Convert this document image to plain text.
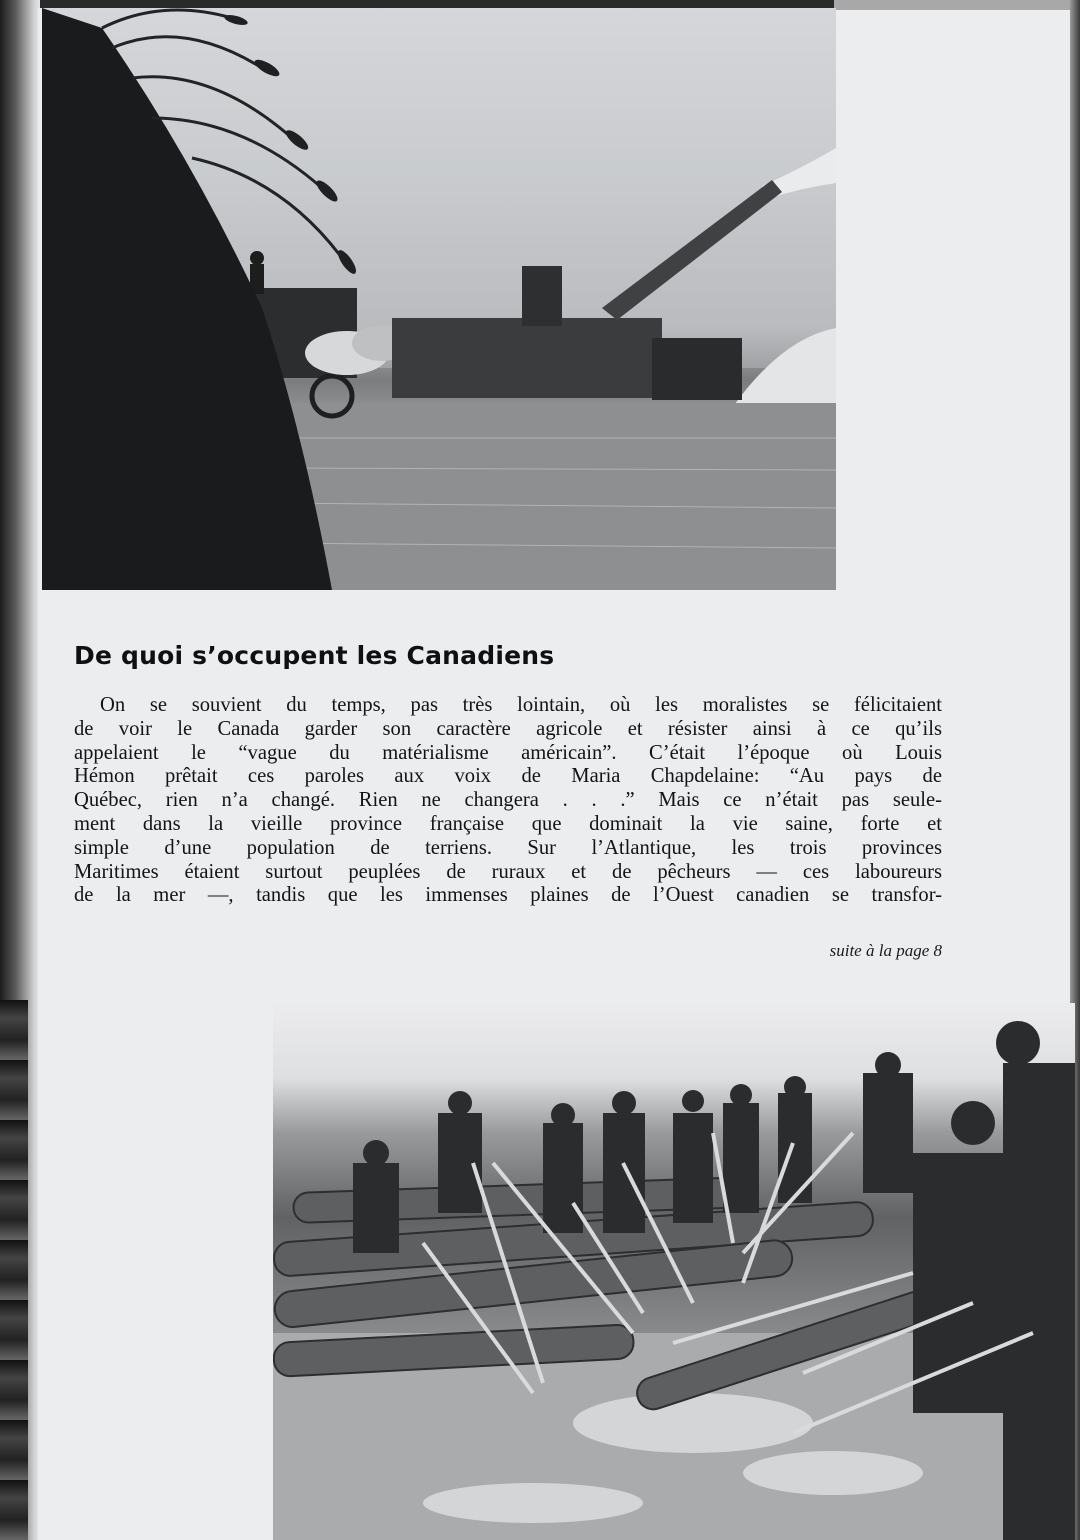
De quoi s’occupent les Canadiens
On se souvient du temps, pas très lointain, où les moralistes se félicitaient
de voir le Canada garder son caractère agricole et résister ainsi à ce qu’ils
appelaient le “vague du matérialisme américain”. C’était l’époque où Louis
Hémon prêtait ces paroles aux voix de Maria Chapdelaine: “Au pays de
Québec, rien n’a changé. Rien ne changera . . .” Mais ce n’était pas seule-
ment dans la vieille province française que dominait la vie saine, forte et
simple d’une population de terriens. Sur l’Atlantique, les trois provinces
Maritimes étaient surtout peuplées de ruraux et de pêcheurs — ces laboureurs
de la mer —, tandis que les immenses plaines de l’Ouest canadien se transfor-
suite à la page 8
